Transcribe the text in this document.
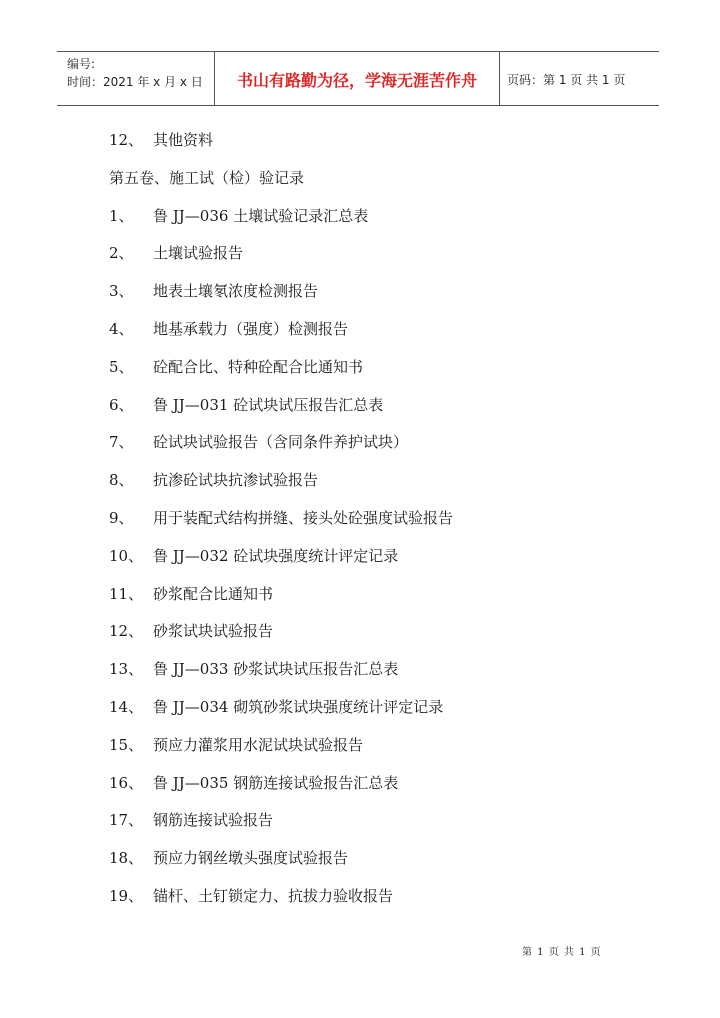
编号:
时间：2021 年 x 月 x 日	书山有路勤为径，学海无涯苦作舟	页码：第 1 页 共 1 页
12、 其他资料
第五卷、施工试（检）验记录
1、 鲁 JJ—036 土壤试验记录汇总表
2、 土壤试验报告
3、 地表土壤氡浓度检测报告
4、 地基承载力（强度）检测报告
5、 砼配合比、特种砼配合比通知书
6、 鲁 JJ—031 砼试块试压报告汇总表
7、 砼试块试验报告（含同条件养护试块）
8、 抗渗砼试块抗渗试验报告
9、 用于装配式结构拼缝、接头处砼强度试验报告
10、 鲁 JJ—032 砼试块强度统计评定记录
11、 砂浆配合比通知书
12、 砂浆试块试验报告
13、 鲁 JJ—033 砂浆试块试压报告汇总表
14、 鲁 JJ—034 砌筑砂浆试块强度统计评定记录
15、 预应力灌浆用水泥试块试验报告
16、 鲁 JJ—035 钢筋连接试验报告汇总表
17、 钢筋连接试验报告
18、 预应力钢丝墩头强度试验报告
19、 锚杆、土钉锁定力、抗拔力验收报告
第 1 页 共 1 页
